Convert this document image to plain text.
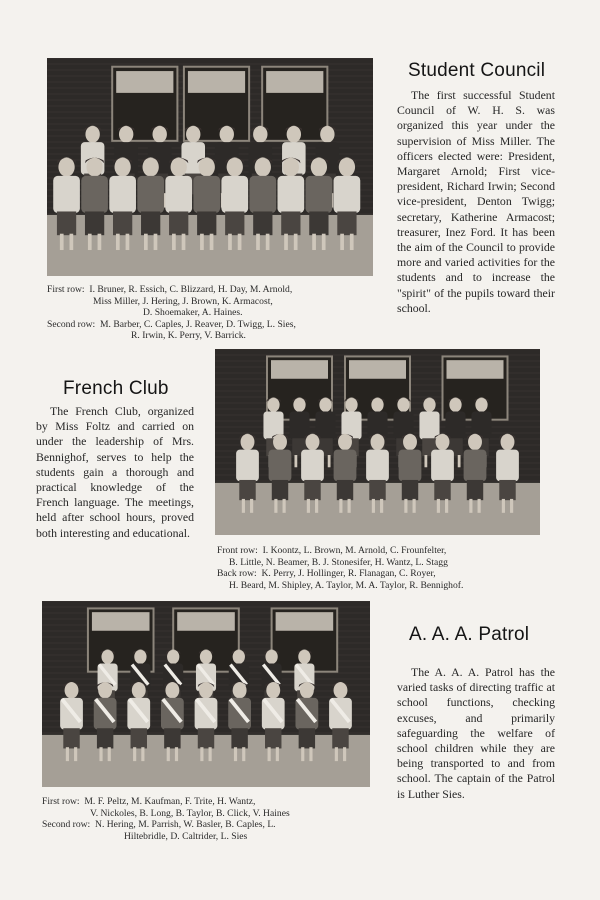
Student Council

The first successful Student Council of W. H. S. was organized this year under the supervision of Miss Miller. The officers elected were: President, Margaret Arnold; First vice-president, Richard Irwin; Second vice-president, Denton Twigg; secretary, Katherine Armacost; treasurer, Inez Ford. It has been the aim of the Council to provide more and varied activities for the students and to increase the "spirit" of the pupils toward their school.

First row: I. Bruner, R. Essich, C. Blizzard, H. Day, M. Arnold,
Miss Miller, J. Hering, J. Brown, K. Armacost,
D. Shoemaker, A. Haines.
Second row: M. Barber, C. Caples, J. Reaver, D. Twigg, L. Sies,
R. Irwin, K. Perry, V. Barrick.
French Club

The French Club, organized by Miss Foltz and carried on under the leadership of Mrs. Bennighof, serves to help the students gain a thorough and practical knowledge of the French language. The meetings, held after school hours, proved both interesting and educational.

Front row: I. Koontz, L. Brown, M. Arnold, C. Frounfelter,
B. Little, N. Beamer, B. J. Stonesifer, H. Wantz, L. Stagg
Back row: K. Perry, J. Hollinger, R. Flanagan, C. Royer,
H. Beard, M. Shipley, A. Taylor, M. A. Taylor, R. Bennighof.
A. A. A. Patrol

The A. A. A. Patrol has the varied tasks of directing traffic at school functions, checking excuses, and primarily safeguarding the welfare of school children while they are being transported to and from school. The captain of the Patrol is Luther Sies.

First row: M. F. Peltz, M. Kaufman, F. Trite, H. Wantz,
V. Nickoles, B. Long, B. Taylor, B. Click, V. Haines
Second row: N. Hering, M. Parrish, W. Basler, B. Caples, L.
Hiltebridle, D. Caltrider, L. Sies
